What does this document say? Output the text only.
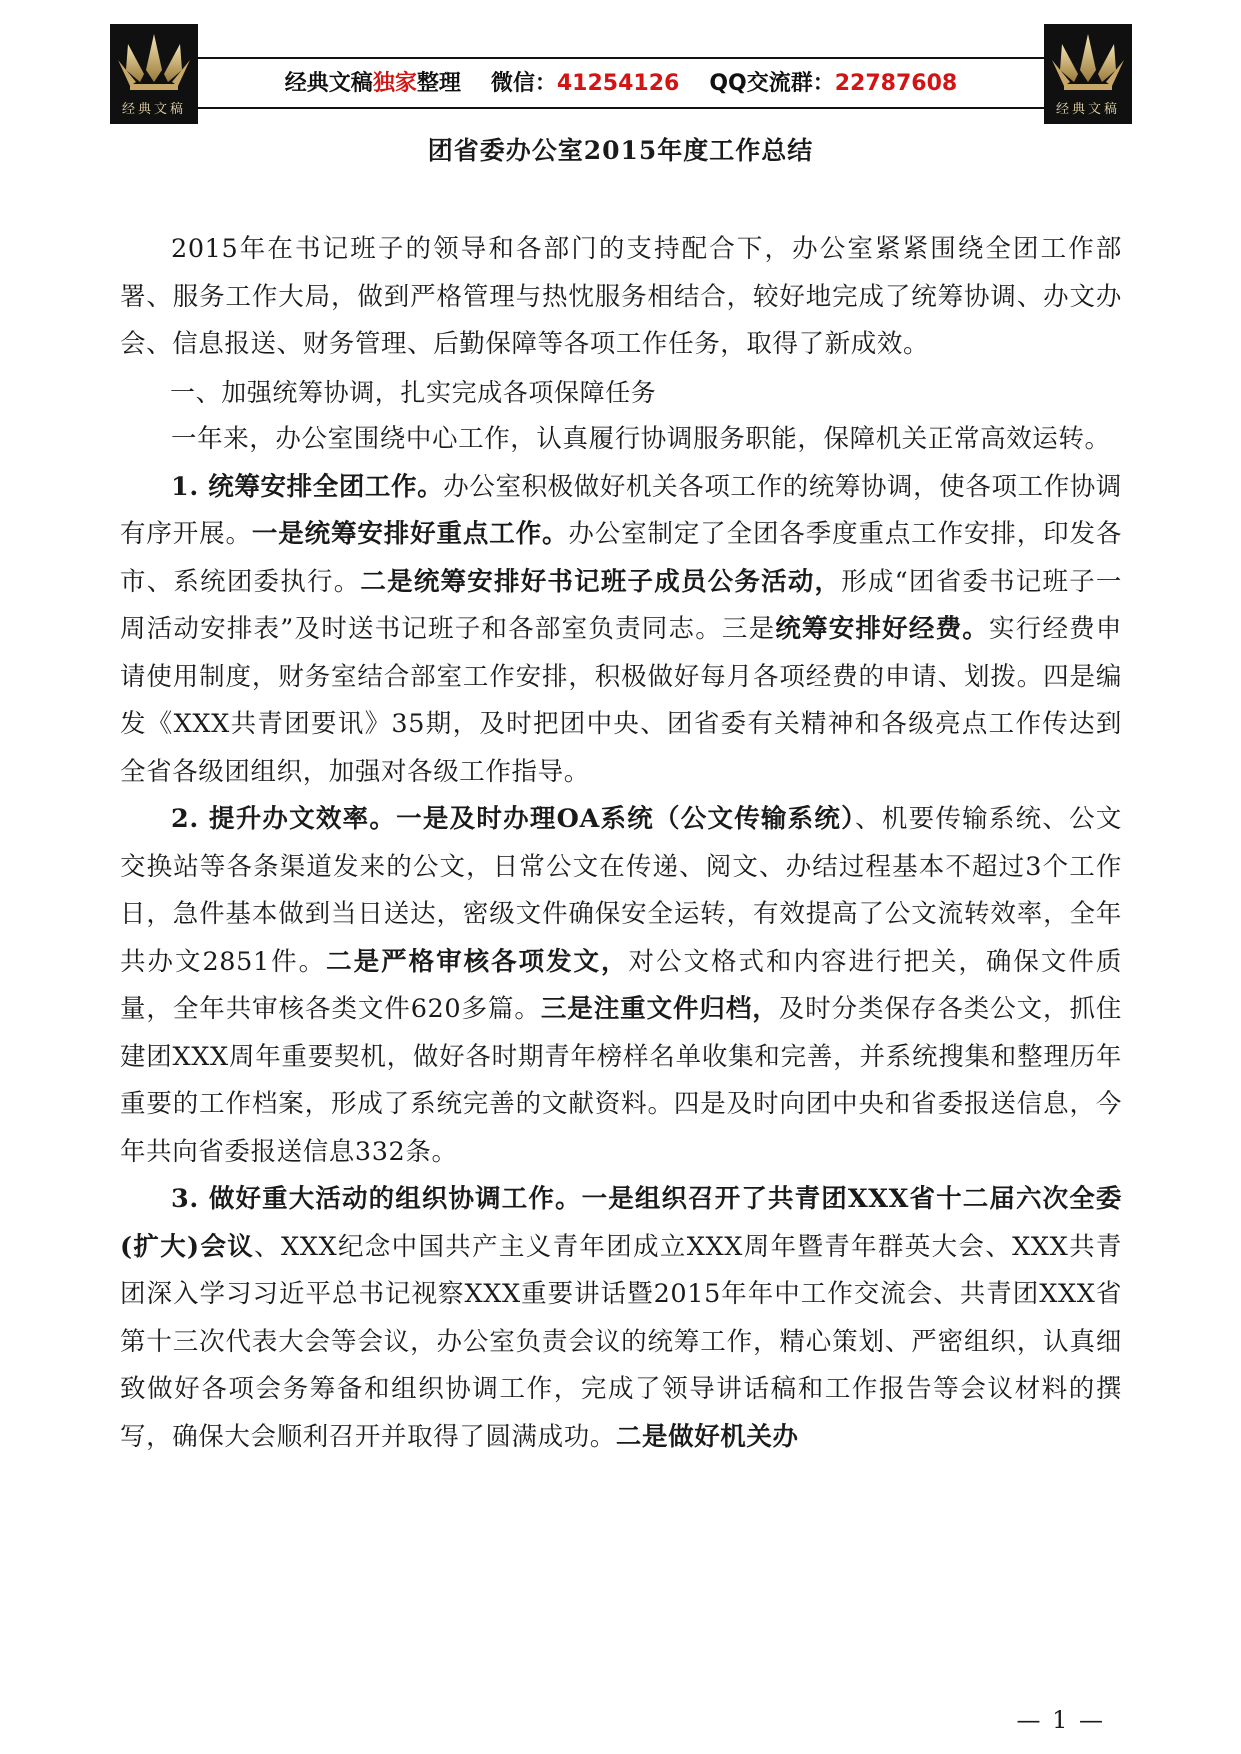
经典文稿
经典文稿独家整理 微信：41254126 QQ交流群：22787608
经典文稿
团省委办公室2015年度工作总结

2015年在书记班子的领导和各部门的支持配合下，办公室紧紧围绕全团工作部署、服务工作大局，做到严格管理与热忱服务相结合，较好地完成了统筹协调、办文办会、信息报送、财务管理、后勤保障等各项工作任务，取得了新成效。

一、加强统筹协调，扎实完成各项保障任务

一年来，办公室围绕中心工作，认真履行协调服务职能，保障机关正常高效运转。

1. 统筹安排全团工作。办公室积极做好机关各项工作的统筹协调，使各项工作协调有序开展。一是统筹安排好重点工作。办公室制定了全团各季度重点工作安排，印发各市、系统团委执行。二是统筹安排好书记班子成员公务活动，形成“团省委书记班子一周活动安排表”及时送书记班子和各部室负责同志。三是统筹安排好经费。实行经费申请使用制度，财务室结合部室工作安排，积极做好每月各项经费的申请、划拨。四是编发《XXX共青团要讯》35期，及时把团中央、团省委有关精神和各级亮点工作传达到全省各级团组织，加强对各级工作指导。

2. 提升办文效率。一是及时办理OA系统（公文传输系统）、机要传输系统、公文交换站等各条渠道发来的公文，日常公文在传递、阅文、办结过程基本不超过3个工作日，急件基本做到当日送达，密级文件确保安全运转，有效提高了公文流转效率，全年共办文2851件。二是严格审核各项发文，对公文格式和内容进行把关，确保文件质量，全年共审核各类文件620多篇。三是注重文件归档，及时分类保存各类公文，抓住建团XXX周年重要契机，做好各时期青年榜样名单收集和完善，并系统搜集和整理历年重要的工作档案，形成了系统完善的文献资料。四是及时向团中央和省委报送信息，今年共向省委报送信息332条。

3. 做好重大活动的组织协调工作。一是组织召开了共青团XXX省十二届六次全委(扩大)会议、XXX纪念中国共产主义青年团成立XXX周年暨青年群英大会、XXX共青团深入学习习近平总书记视察XXX重要讲话暨2015年年中工作交流会、共青团XXX省第十三次代表大会等会议，办公室负责会议的统筹工作，精心策划、严密组织，认真细致做好各项会务筹备和组织协调工作，完成了领导讲话稿和工作报告等会议材料的撰写，确保大会顺利召开并取得了圆满成功。二是做好机关办

— 1 —
